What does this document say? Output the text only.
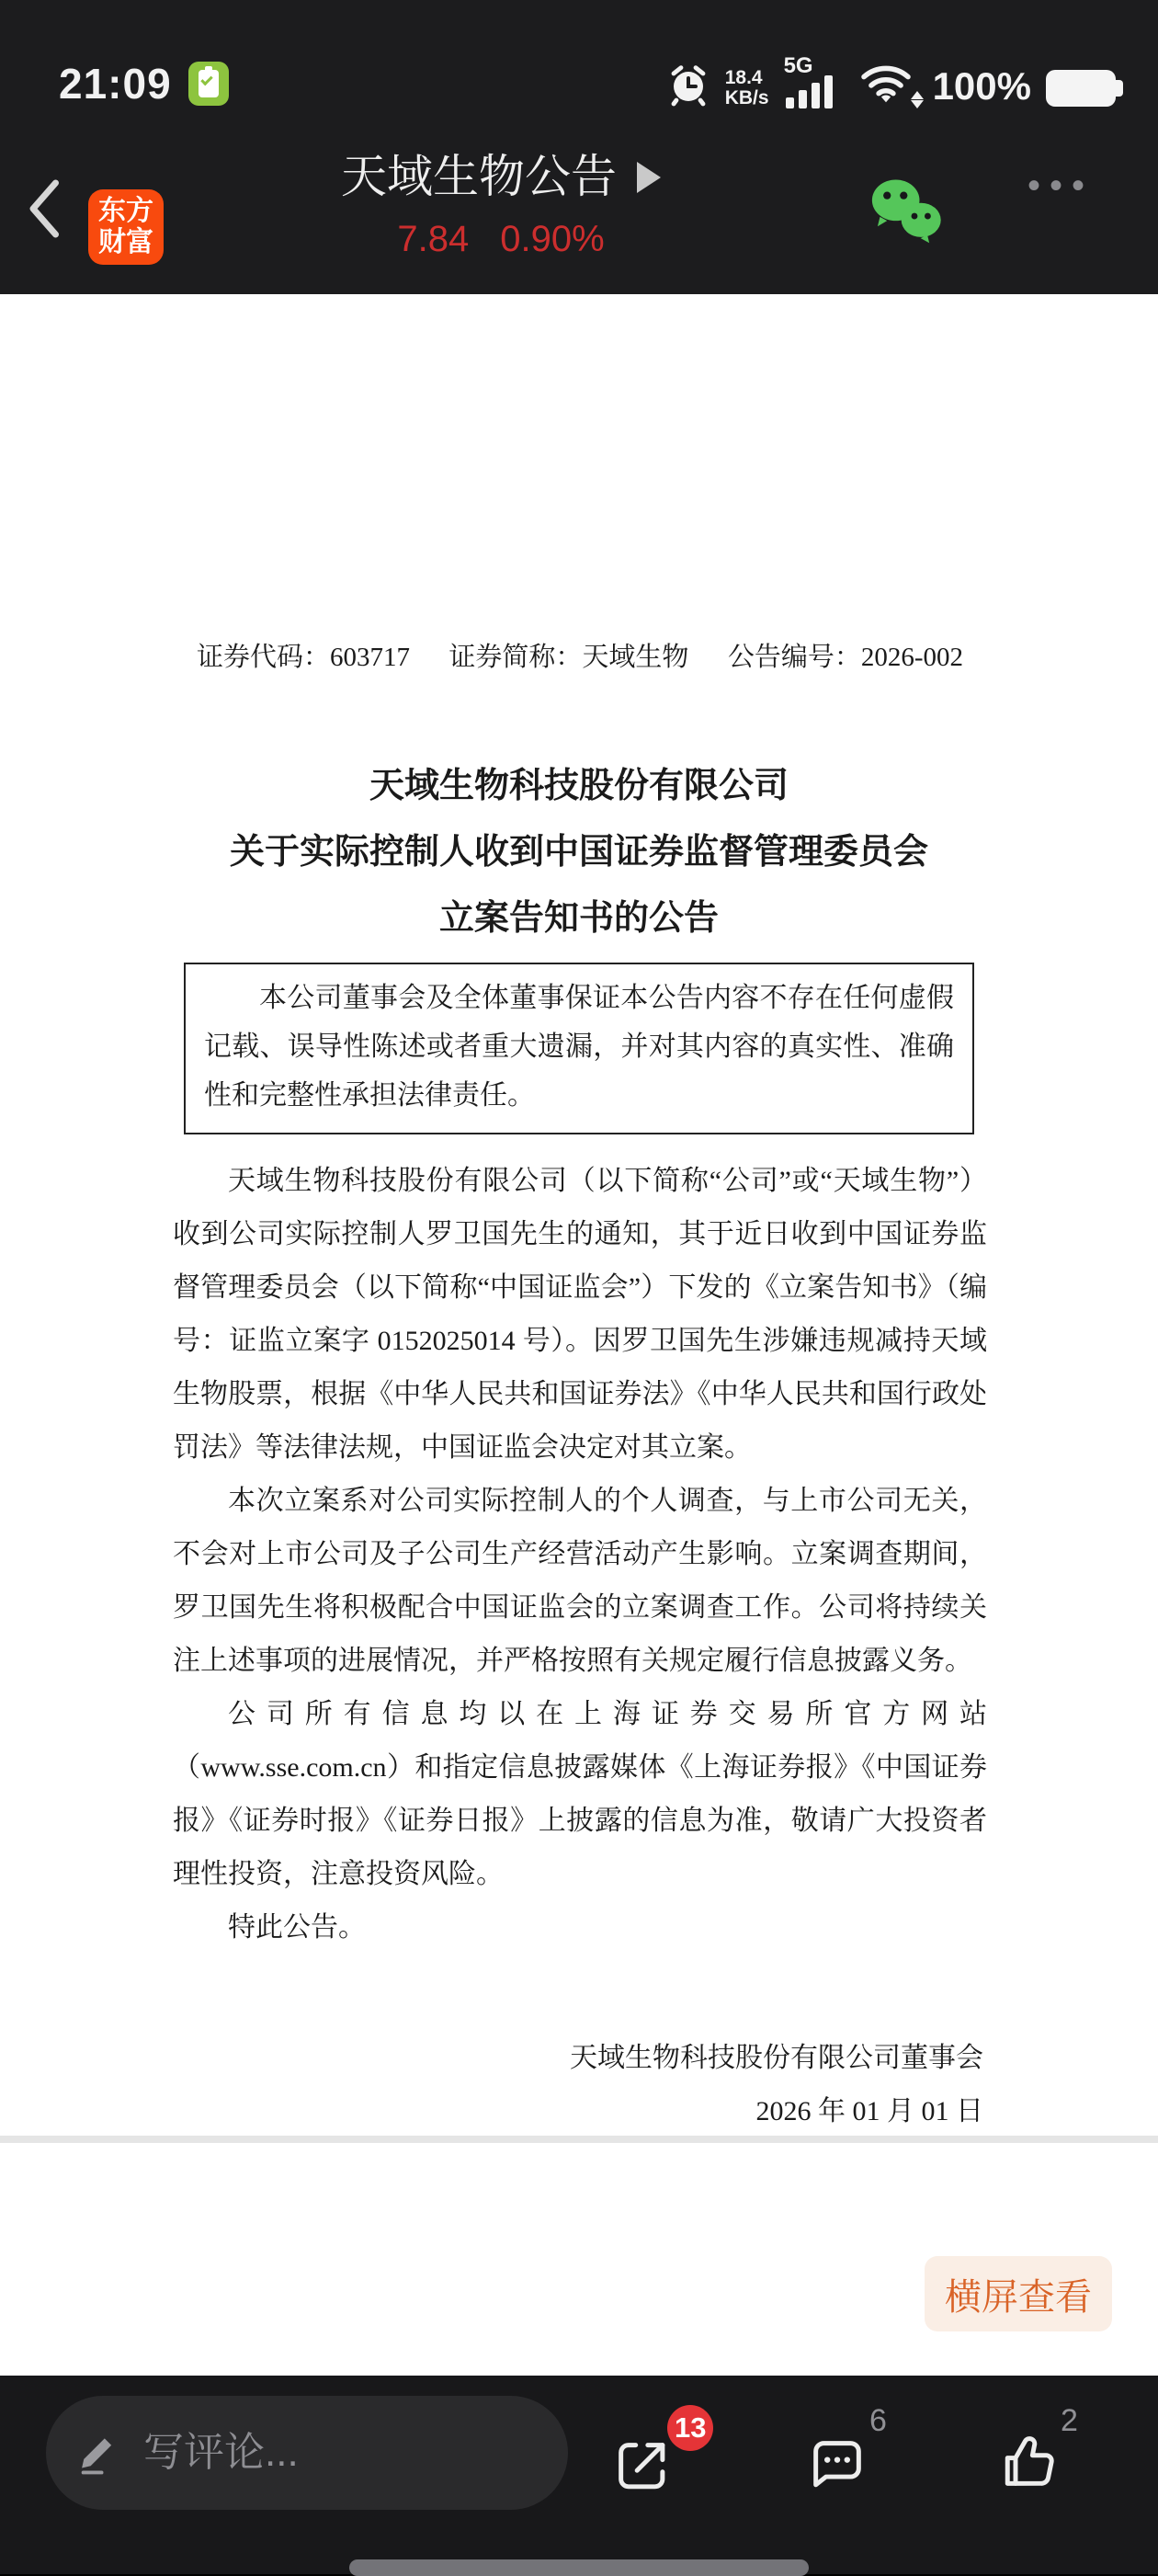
21:09	18.4
KB/s
5G	100%
东方
财富
天域生物公告
7.84 0.90%
•••
证券代码：603717 证券简称：天域生物 公告编号：2026-002
天域生物科技股份有限公司
关于实际控制人收到中国证券监督管理委员会
立案告知书的公告
本公司董事会及全体董事保证本公告内容不存在任何虚假记载、误导性陈述或者重大遗漏，并对其内容的真实性、准确性和完整性承担法律责任。

天域生物科技股份有限公司（以下简称“公司”或“天域生物”）收到公司实际控制人罗卫国先生的通知，其于近日收到中国证券监督管理委员会（以下简称“中国证监会”）下发的《立案告知书》（编号：证监立案字 0152025014 号）。因罗卫国先生涉嫌违规减持天域生物股票，根据《中华人民共和国证券法》《中华人民共和国行政处罚法》等法律法规，中国证监会决定对其立案。

本次立案系对公司实际控制人的个人调查，与上市公司无关，不会对上市公司及子公司生产经营活动产生影响。立案调查期间，罗卫国先生将积极配合中国证监会的立案调查工作。公司将持续关注上述事项的进展情况，并严格按照有关规定履行信息披露义务。

公司所有信息均以在上海证券交易所官方网站（www.sse.com.cn）和指定信息披露媒体《上海证券报》《中国证券报》《证券时报》《证券日报》上披露的信息为准，敬请广大投资者理性投资，注意投资风险。

特此公告。

天域生物科技股份有限公司董事会
2026 年 01 月 01 日
横屏查看
写评论...
13	6	2
